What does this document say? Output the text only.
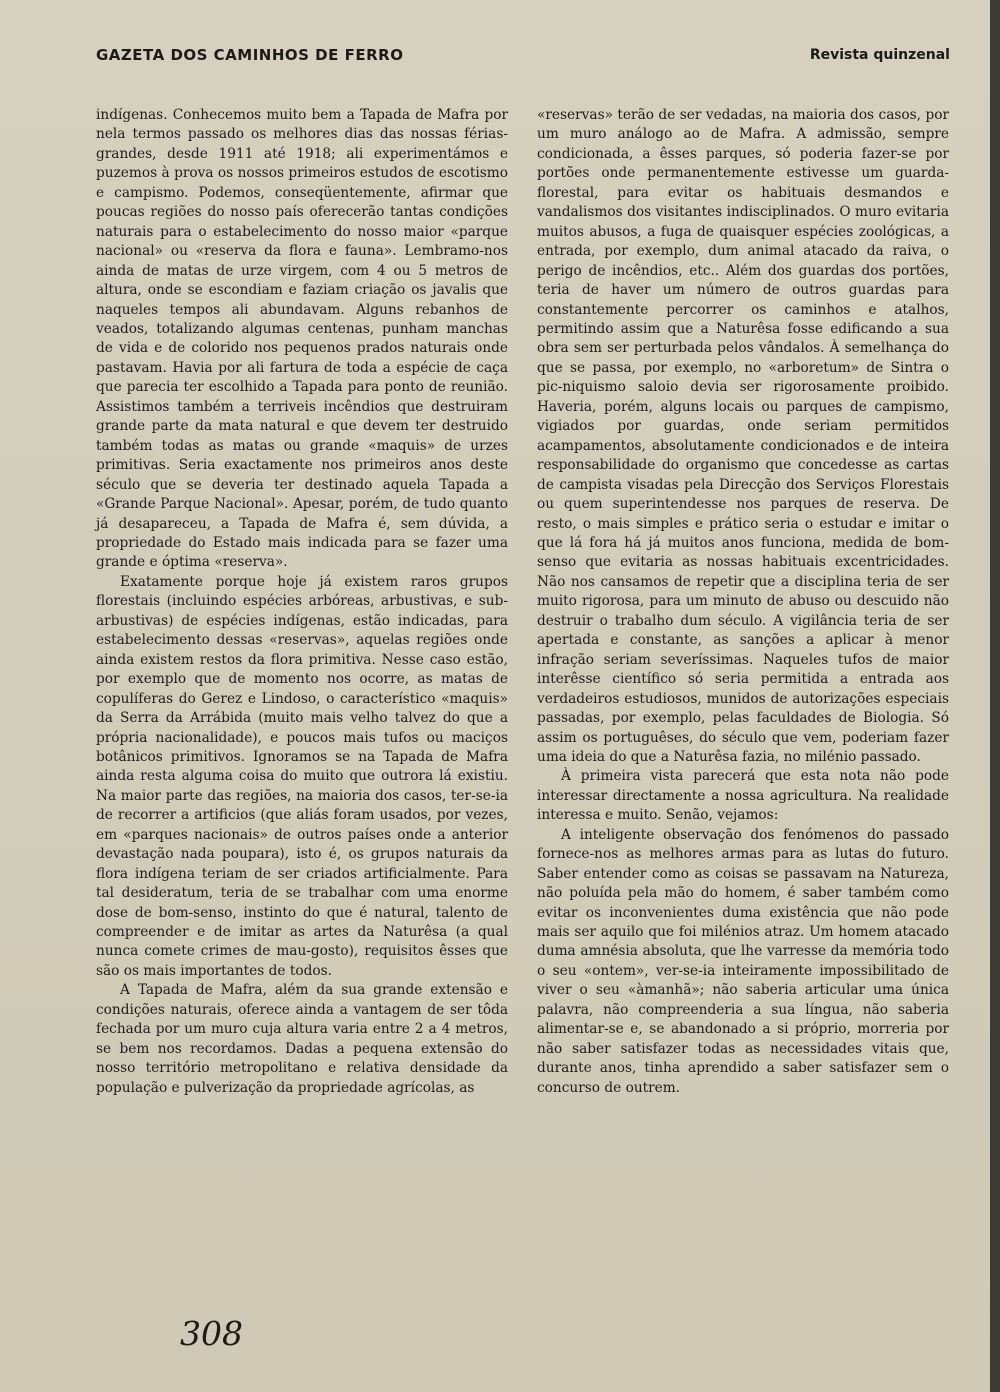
GAZETA DOS CAMINHOS DE FERRO	Revista quinzenal

indígenas. Conhecemos muito bem a Tapada de Mafra por nela termos passado os melhores dias das nossas férias-grandes, desde 1911 até 1918; ali experimentámos e puzemos à prova os nossos primeiros estudos de escotismo e campismo. Podemos, conseqüentemente, afirmar que poucas regiões do nosso país oferecerão tantas condições naturais para o estabelecimento do nosso maior «parque nacional» ou «reserva da flora e fauna». Lembramo-nos ainda de matas de urze virgem, com 4 ou 5 metros de altura, onde se escondiam e faziam criação os javalis que naqueles tempos ali abundavam. Alguns rebanhos de veados, totalizando algumas centenas, punham manchas de vida e de colorido nos pequenos prados naturais onde pastavam. Havia por ali fartura de toda a espécie de caça que parecia ter escolhido a Tapada para ponto de reunião. Assistimos também a terriveis incêndios que destruiram grande parte da mata natural e que devem ter destruido também todas as matas ou grande «maquis» de urzes primitivas. Seria exactamente nos primeiros anos deste século que se deveria ter destinado aquela Tapada a «Grande Parque Nacional». Apesar, porém, de tudo quanto já desapareceu, a Tapada de Mafra é, sem dúvida, a propriedade do Estado mais indicada para se fazer uma grande e óptima «reserva».

Exatamente porque hoje já existem raros grupos florestais (incluindo espécies arbóreas, arbustivas, e sub-arbustivas) de espécies indígenas, estão indicadas, para estabelecimento dessas «reservas», aquelas regiões onde ainda existem restos da flora primitiva. Nesse caso estão, por exemplo que de momento nos ocorre, as matas de copulíferas do Gerez e Lindoso, o característico «maquis» da Serra da Arrábida (muito mais velho talvez do que a própria nacionalidade), e poucos mais tufos ou maciços botânicos primitivos. Ignoramos se na Tapada de Mafra ainda resta alguma coisa do muito que outrora lá existiu. Na maior parte das regiões, na maioria dos casos, ter-se-ia de recorrer a artificios (que aliás foram usados, por vezes, em «parques nacionais» de outros países onde a anterior devastação nada poupara), isto é, os grupos naturais da flora indígena teriam de ser criados artificialmente. Para tal desideratum, teria de se trabalhar com uma enorme dose de bom-senso, instinto do que é natural, talento de compreender e de imitar as artes da Naturêsa (a qual nunca comete crimes de mau-gosto), requisitos êsses que são os mais importantes de todos.

A Tapada de Mafra, além da sua grande extensão e condições naturais, oferece ainda a vantagem de ser tôda fechada por um muro cuja altura varia entre 2 a 4 metros, se bem nos recordamos. Dadas a pequena extensão do nosso território metropolitano e relativa densidade da população e pulverização da propriedade agrícolas, as

«reservas» terão de ser vedadas, na maioria dos casos, por um muro análogo ao de Mafra. A admissão, sempre condicionada, a êsses parques, só poderia fazer-se por portões onde permanentemente estivesse um guarda-florestal, para evitar os habituais desmandos e vandalismos dos visitantes indisciplinados. O muro evitaria muitos abusos, a fuga de quaisquer espécies zoológicas, a entrada, por exemplo, dum animal atacado da raiva, o perigo de incêndios, etc.. Além dos guardas dos portões, teria de haver um número de outros guardas para constantemente percorrer os caminhos e atalhos, permitindo assim que a Naturêsa fosse edificando a sua obra sem ser perturbada pelos vândalos. À semelhança do que se passa, por exemplo, no «arboretum» de Sintra o pic-niquismo saloio devia ser rigorosamente proibido. Haveria, porém, alguns locais ou parques de campismo, vigiados por guardas, onde seriam permitidos acampamentos, absolutamente condicionados e de inteira responsabilidade do organismo que concedesse as cartas de campista visadas pela Direcção dos Serviços Florestais ou quem superintendesse nos parques de reserva. De resto, o mais simples e prático seria o estudar e imitar o que lá fora há já muitos anos funciona, medida de bom-senso que evitaria as nossas habituais excentricidades. Não nos cansamos de repetir que a disciplina teria de ser muito rigorosa, para um minuto de abuso ou descuido não destruir o trabalho dum século. A vigilância teria de ser apertada e constante, as sanções a aplicar à menor infração seriam severíssimas. Naqueles tufos de maior interêsse científico só seria permitida a entrada aos verdadeiros estudiosos, munidos de autorizações especiais passadas, por exemplo, pelas faculdades de Biologia. Só assim os portuguêses, do século que vem, poderiam fazer uma ideia do que a Naturêsa fazia, no milénio passado.

À primeira vista parecerá que esta nota não pode interessar directamente a nossa agricultura. Na realidade interessa e muito. Senão, vejamos:

A inteligente observação dos fenómenos do passado fornece-nos as melhores armas para as lutas do futuro. Saber entender como as coisas se passavam na Natureza, não poluída pela mão do homem, é saber também como evitar os inconvenientes duma existência que não pode mais ser aquilo que foi milénios atraz. Um homem atacado duma amnésia absoluta, que lhe varresse da memória todo o seu «ontem», ver-se-ia inteiramente impossibilitado de viver o seu «àmanhã»; não saberia articular uma única palavra, não compreenderia a sua língua, não saberia alimentar-se e, se abandonado a si próprio, morreria por não saber satisfazer todas as necessidades vitais que, durante anos, tinha aprendido a saber satisfazer sem o concurso de outrem.

308
